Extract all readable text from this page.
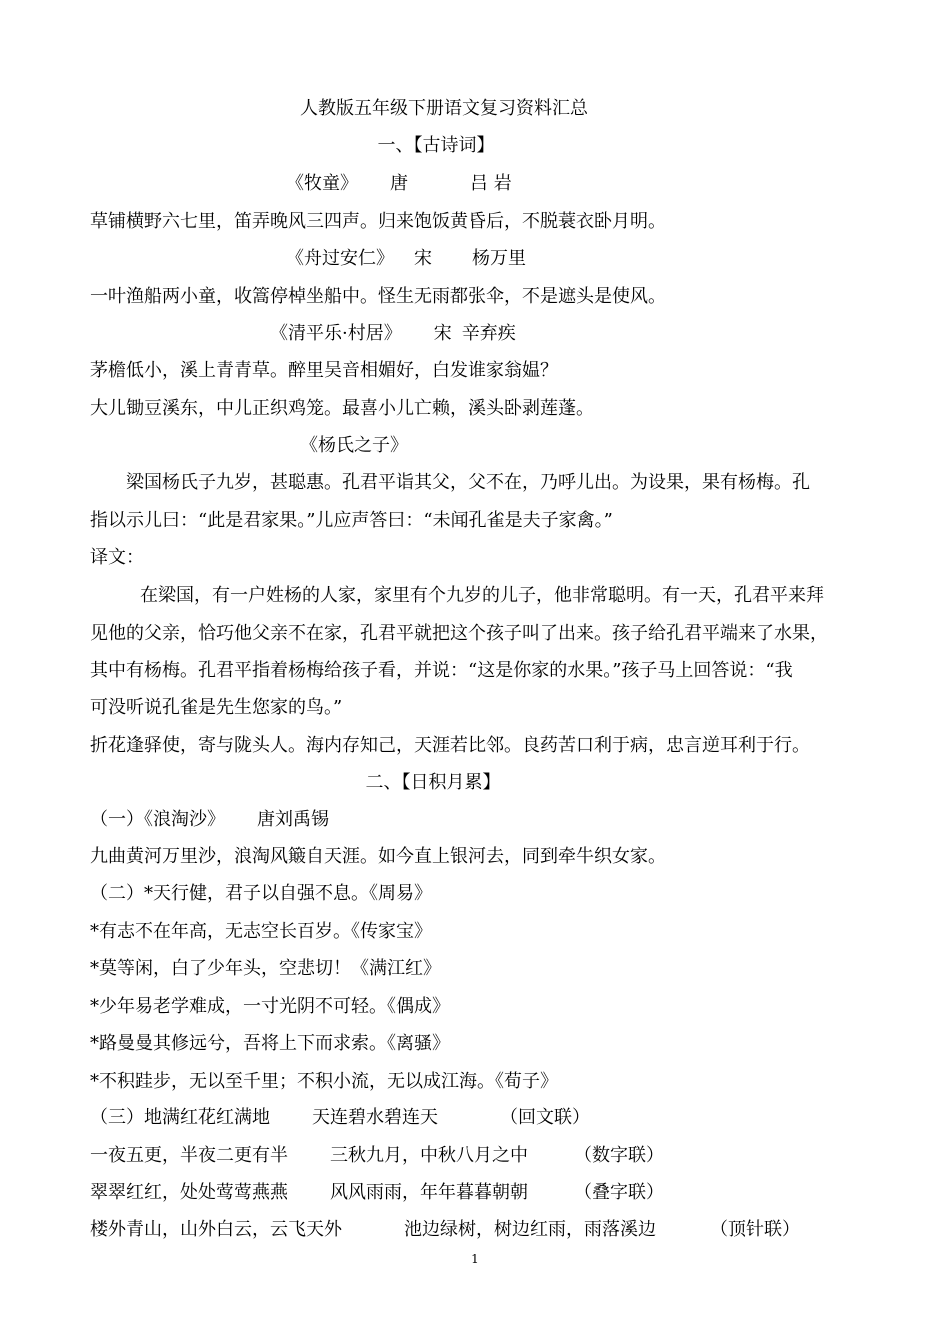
人教版五年级下册语文复习资料汇总
一、【古诗词】
《牧童》 唐	吕 岩
草铺横野六七里，笛弄晚风三四声。归来饱饭黄昏后，不脱蓑衣卧月明。
《舟过安仁》 宋 杨万里
一叶渔船两小童，收篙停棹坐船中。怪生无雨都张伞，不是遮头是使风。
《清平乐·村居》 宋 辛弃疾
茅檐低小，溪上青青草。醉里吴音相媚好，白发谁家翁媪？
大儿锄豆溪东，中儿正织鸡笼。最喜小儿亡赖，溪头卧剥莲蓬。
《杨氏之子》
梁国杨氏子九岁，甚聪惠。孔君平诣其父，父不在，乃呼儿出。为设果，果有杨梅。孔
指以示儿曰：“此是君家果。”儿应声答曰：“未闻孔雀是夫子家禽。”
译文：
在梁国，有一户姓杨的人家，家里有个九岁的儿子，他非常聪明。有一天，孔君平来拜
见他的父亲，恰巧他父亲不在家，孔君平就把这个孩子叫了出来。孩子给孔君平端来了水果，
其中有杨梅。孔君平指着杨梅给孩子看，并说：“这是你家的水果。”孩子马上回答说：“我
可没听说孔雀是先生您家的鸟。”
折花逢驿使，寄与陇头人。海内存知己，天涯若比邻。良药苦口利于病，忠言逆耳利于行。
二、【日积月累】
（一）《浪淘沙》 唐刘禹锡
九曲黄河万里沙，浪淘风簸自天涯。如今直上银河去，同到牵牛织女家。
（二）*天行健，君子以自强不息。《周易》
*有志不在年高，无志空长百岁。《传家宝》
*莫等闲，白了少年头，空悲切！《满江红》
*少年易老学难成，一寸光阴不可轻。《偶成》
*路曼曼其修远兮，吾将上下而求索。《离骚》
*不积跬步，无以至千里；不积小流，无以成江海。《荀子》
（三）地满红花红满地 天连碧水碧连天	（回文联）
一夜五更，半夜二更有半 三秋九月，中秋八月之中	（数字联）
翠翠红红，处处莺莺燕燕 风风雨雨，年年暮暮朝朝	（叠字联）
楼外青山，山外白云，云飞天外	池边绿树，树边红雨，雨落溪边	（顶针联）
1
